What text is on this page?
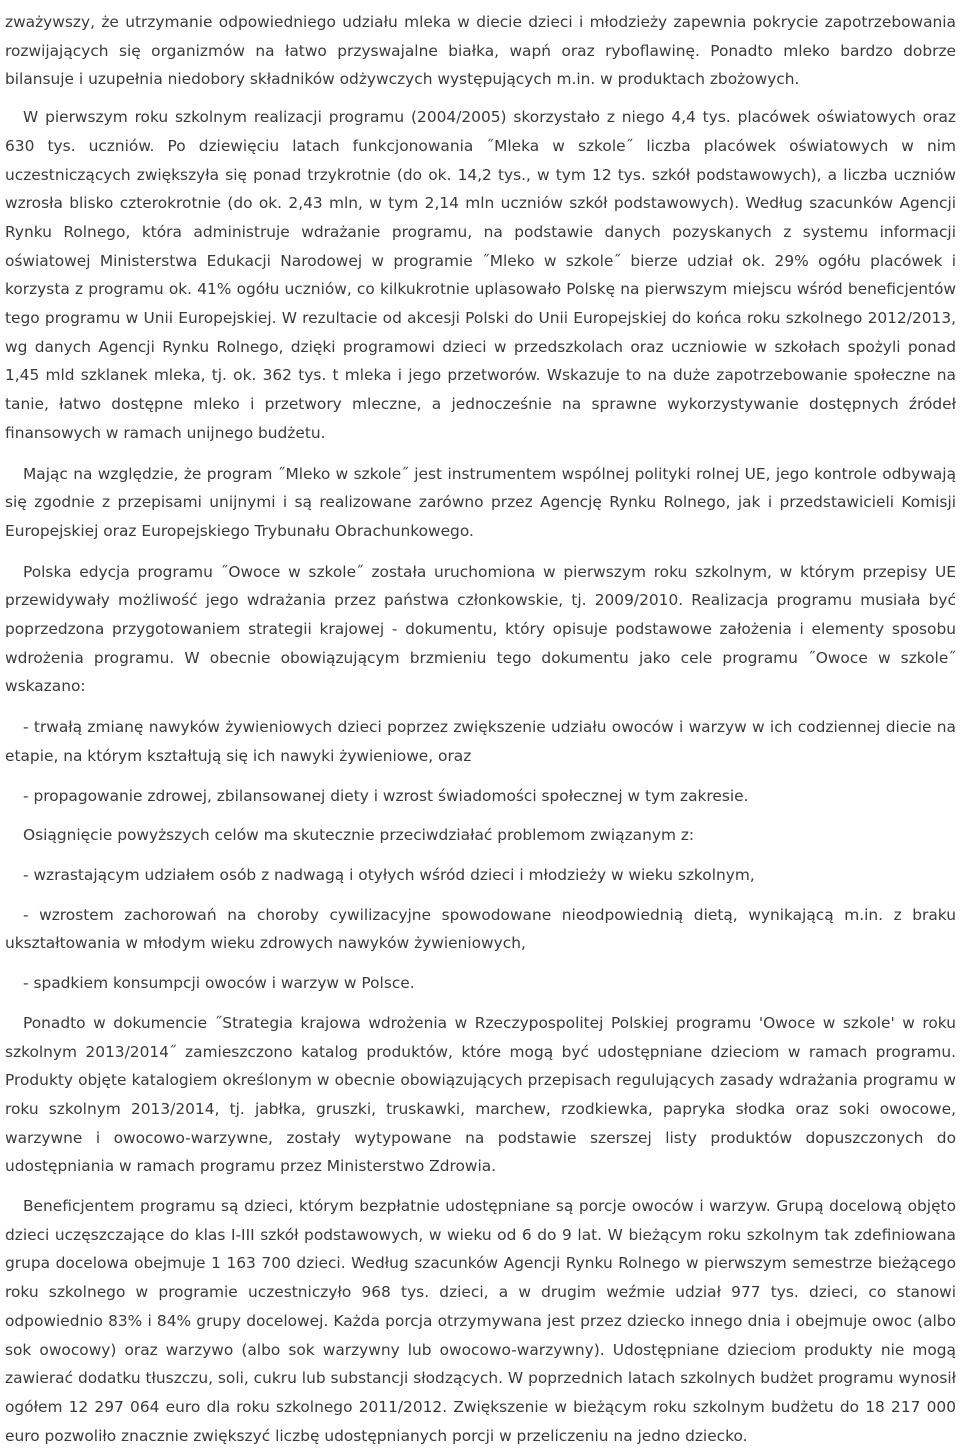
zważywszy, że utrzymanie odpowiedniego udziału mleka w diecie dzieci i młodzieży zapewnia pokrycie zapotrzebowania rozwijających się organizmów na łatwo przyswajalne białka, wapń oraz ryboflawinę. Ponadto mleko bardzo dobrze bilansuje i uzupełnia niedobory składników odżywczych występujących m.in. w produktach zbożowych.

W pierwszym roku szkolnym realizacji programu (2004/2005) skorzystało z niego 4,4 tys. placówek oświatowych oraz 630 tys. uczniów. Po dziewięciu latach funkcjonowania ˝Mleka w szkole˝ liczba placówek oświatowych w nim uczestniczących zwiększyła się ponad trzykrotnie (do ok. 14,2 tys., w tym 12 tys. szkół podstawowych), a liczba uczniów wzrosła blisko czterokrotnie (do ok. 2,43 mln, w tym 2,14 mln uczniów szkół podstawowych). Według szacunków Agencji Rynku Rolnego, która administruje wdrażanie programu, na podstawie danych pozyskanych z systemu informacji oświatowej Ministerstwa Edukacji Narodowej w programie ˝Mleko w szkole˝ bierze udział ok. 29% ogółu placówek i korzysta z programu ok. 41% ogółu uczniów, co kilkukrotnie uplasowało Polskę na pierwszym miejscu wśród beneficjentów tego programu w Unii Europejskiej. W rezultacie od akcesji Polski do Unii Europejskiej do końca roku szkolnego 2012/2013, wg danych Agencji Rynku Rolnego, dzięki programowi dzieci w przedszkolach oraz uczniowie w szkołach spożyli ponad 1,45 mld szklanek mleka, tj. ok. 362 tys. t mleka i jego przetworów. Wskazuje to na duże zapotrzebowanie społeczne na tanie, łatwo dostępne mleko i przetwory mleczne, a jednocześnie na sprawne wykorzystywanie dostępnych źródeł finansowych w ramach unijnego budżetu.

Mając na względzie, że program ˝Mleko w szkole˝ jest instrumentem wspólnej polityki rolnej UE, jego kontrole odbywają się zgodnie z przepisami unijnymi i są realizowane zarówno przez Agencję Rynku Rolnego, jak i przedstawicieli Komisji Europejskiej oraz Europejskiego Trybunału Obrachunkowego.

Polska edycja programu ˝Owoce w szkole˝ została uruchomiona w pierwszym roku szkolnym, w którym przepisy UE przewidywały możliwość jego wdrażania przez państwa członkowskie, tj. 2009/2010. Realizacja programu musiała być poprzedzona przygotowaniem strategii krajowej - dokumentu, który opisuje podstawowe założenia i elementy sposobu wdrożenia programu. W obecnie obowiązującym brzmieniu tego dokumentu jako cele programu ˝Owoce w szkole˝ wskazano:

- trwałą zmianę nawyków żywieniowych dzieci poprzez zwiększenie udziału owoców i warzyw w ich codziennej diecie na etapie, na którym kształtują się ich nawyki żywieniowe, oraz

- propagowanie zdrowej, zbilansowanej diety i wzrost świadomości społecznej w tym zakresie.

Osiągnięcie powyższych celów ma skutecznie przeciwdziałać problemom związanym z:

- wzrastającym udziałem osób z nadwagą i otyłych wśród dzieci i młodzieży w wieku szkolnym,

- wzrostem zachorowań na choroby cywilizacyjne spowodowane nieodpowiednią dietą, wynikającą m.in. z braku ukształtowania w młodym wieku zdrowych nawyków żywieniowych,

- spadkiem konsumpcji owoców i warzyw w Polsce.

Ponadto w dokumencie ˝Strategia krajowa wdrożenia w Rzeczypospolitej Polskiej programu 'Owoce w szkole' w roku szkolnym 2013/2014˝ zamieszczono katalog produktów, które mogą być udostępniane dzieciom w ramach programu. Produkty objęte katalogiem określonym w obecnie obowiązujących przepisach regulujących zasady wdrażania programu w roku szkolnym 2013/2014, tj. jabłka, gruszki, truskawki, marchew, rzodkiewka, papryka słodka oraz soki owocowe, warzywne i owocowo-warzywne, zostały wytypowane na podstawie szerszej listy produktów dopuszczonych do udostępniania w ramach programu przez Ministerstwo Zdrowia.

Beneficjentem programu są dzieci, którym bezpłatnie udostępniane są porcje owoców i warzyw. Grupą docelową objęto dzieci uczęszczające do klas I-III szkół podstawowych, w wieku od 6 do 9 lat. W bieżącym roku szkolnym tak zdefiniowana grupa docelowa obejmuje 1 163 700 dzieci. Według szacunków Agencji Rynku Rolnego w pierwszym semestrze bieżącego roku szkolnego w programie uczestniczyło 968 tys. dzieci, a w drugim weźmie udział 977 tys. dzieci, co stanowi odpowiednio 83% i 84% grupy docelowej. Każda porcja otrzymywana jest przez dziecko innego dnia i obejmuje owoc (albo sok owocowy) oraz warzywo (albo sok warzywny lub owocowo-warzywny). Udostępniane dzieciom produkty nie mogą zawierać dodatku tłuszczu, soli, cukru lub substancji słodzących. W poprzednich latach szkolnych budżet programu wynosił ogółem 12 297 064 euro dla roku szkolnego 2011/2012. Zwiększenie w bieżącym roku szkolnym budżetu do 18 217 000 euro pozwoliło znacznie zwiększyć liczbę udostępnianych porcji w przeliczeniu na jedno dziecko.
